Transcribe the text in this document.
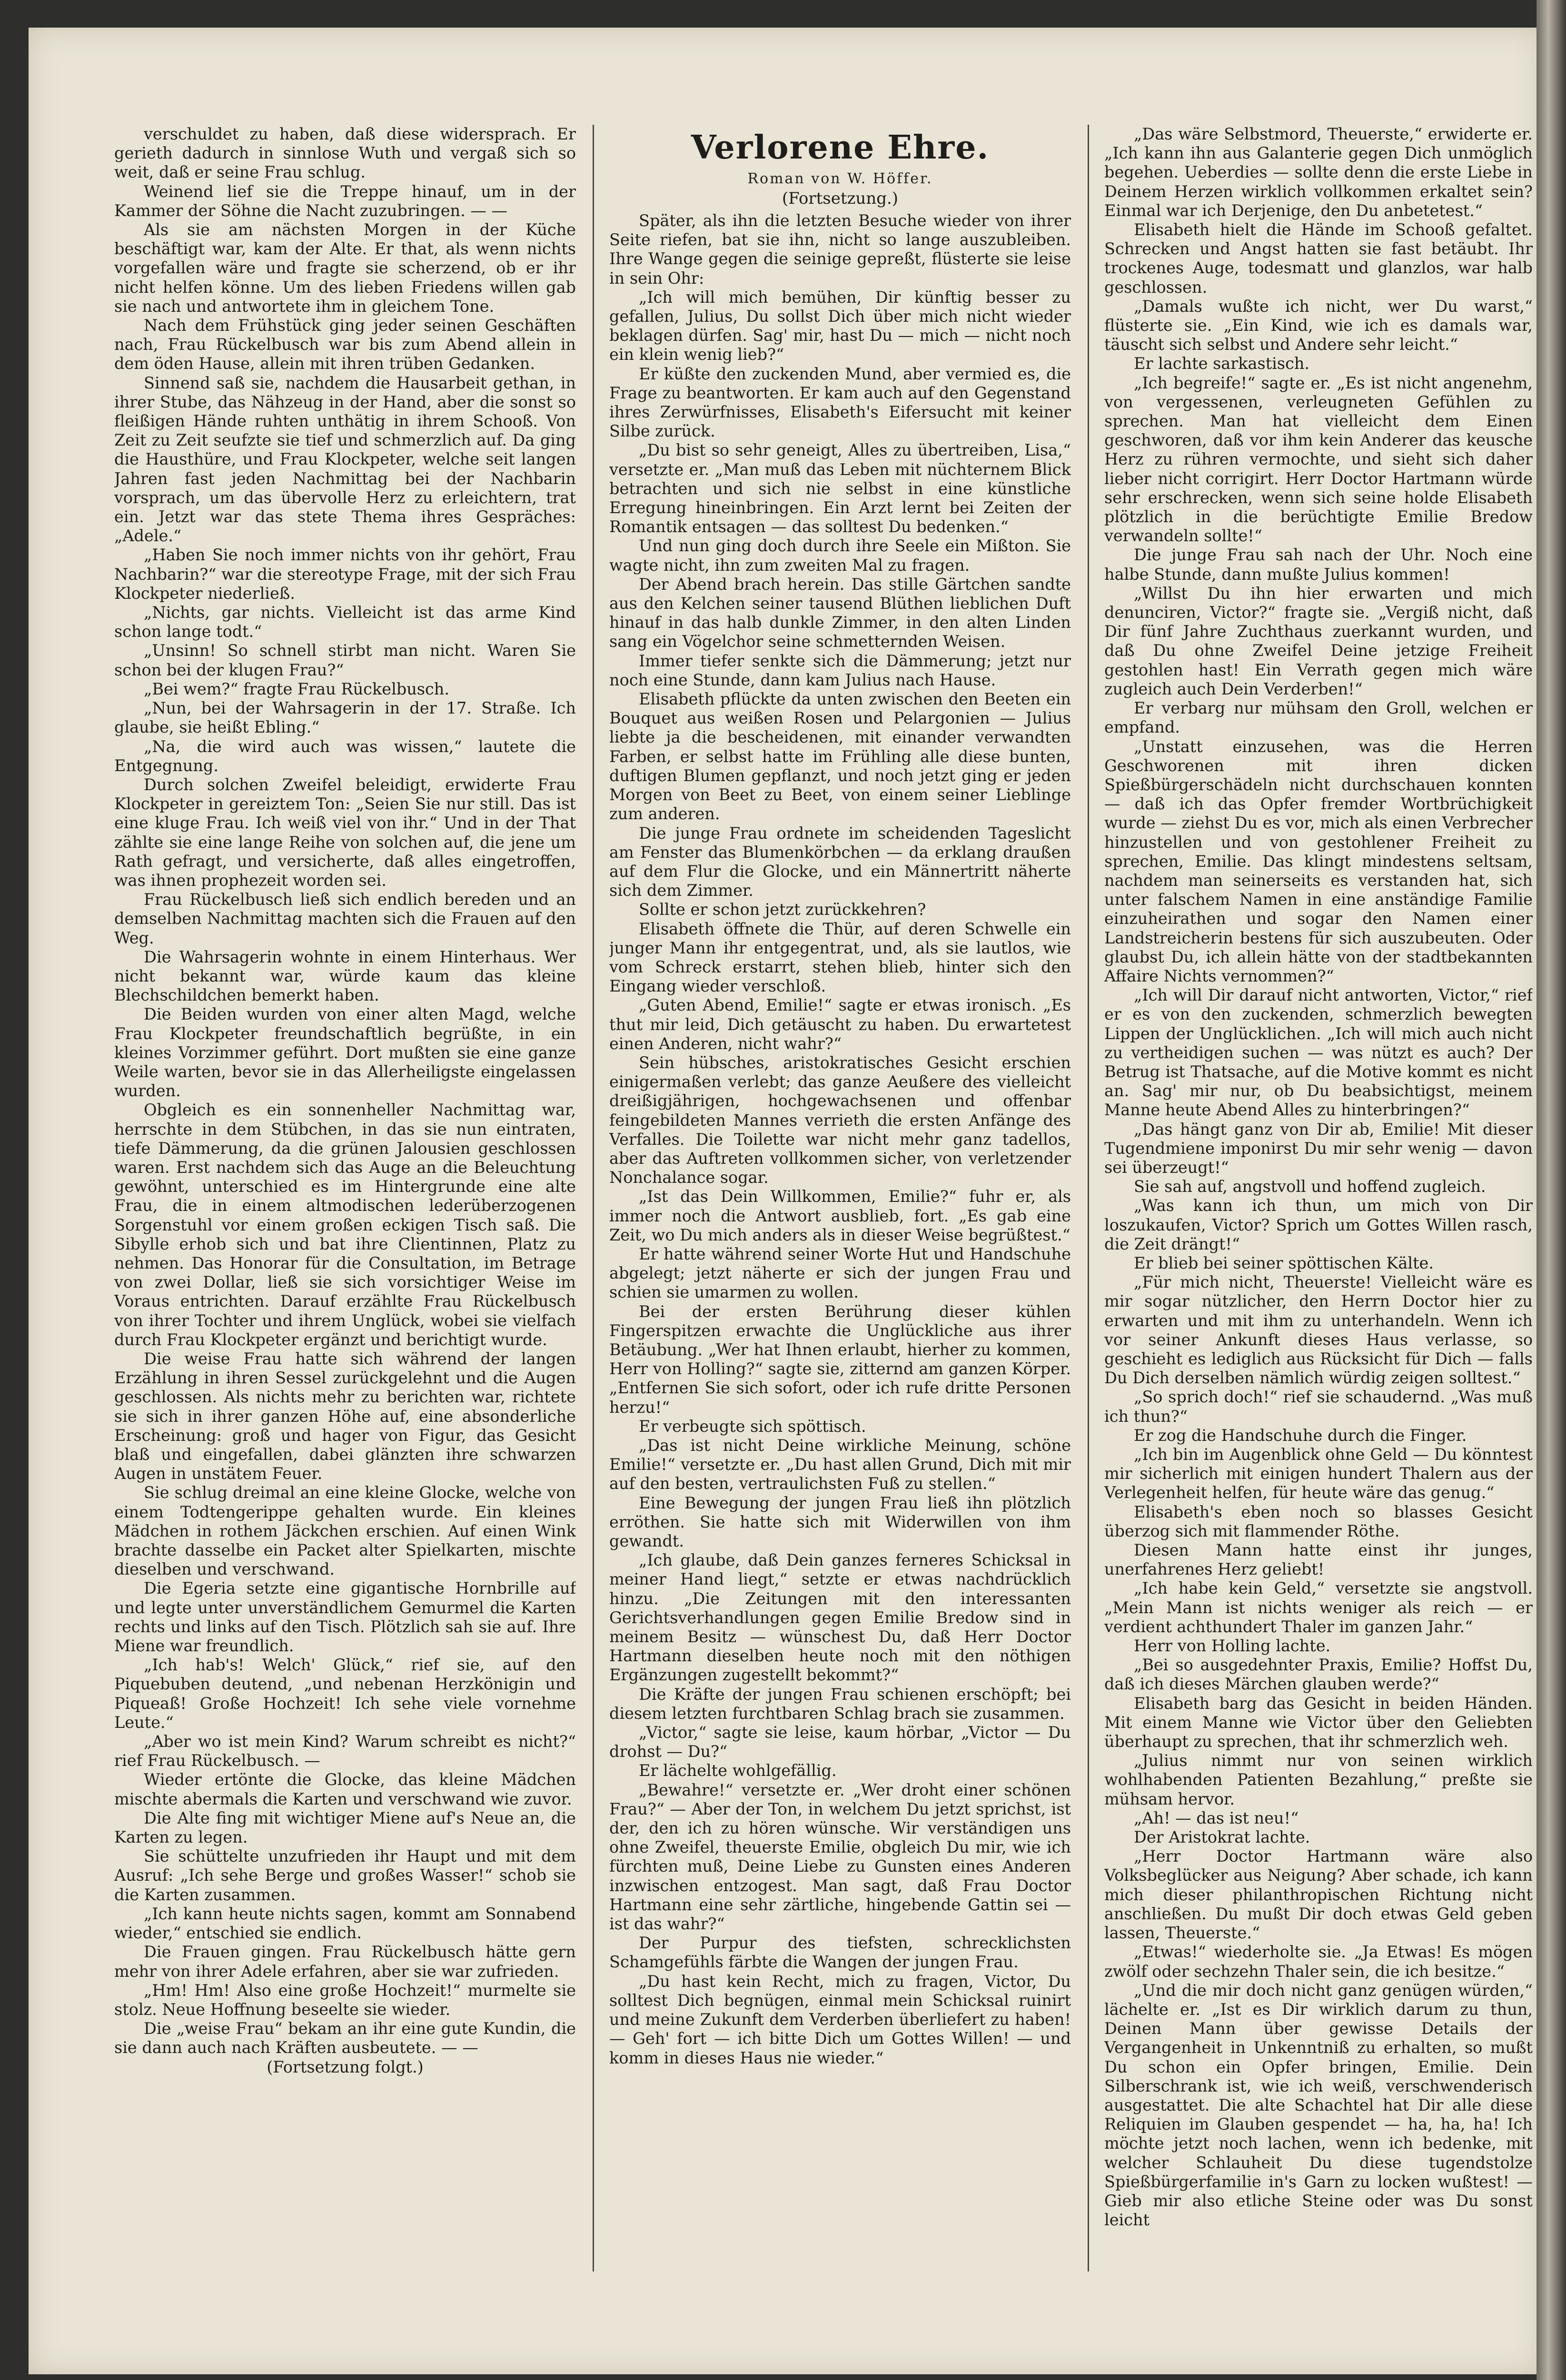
verschuldet zu haben, daß diese widersprach. Er gerieth dadurch in sinnlose Wuth und vergaß sich so weit, daß er seine Frau schlug.

Weinend lief sie die Treppe hinauf, um in der Kammer der Söhne die Nacht zuzubringen. — —

Als sie am nächsten Morgen in der Küche beschäftigt war, kam der Alte. Er that, als wenn nichts vorgefallen wäre und fragte sie scherzend, ob er ihr nicht helfen könne. Um des lieben Friedens willen gab sie nach und antwortete ihm in gleichem Tone.

Nach dem Frühstück ging jeder seinen Geschäften nach, Frau Rückelbusch war bis zum Abend allein in dem öden Hause, allein mit ihren trüben Gedanken.

Sinnend saß sie, nachdem die Hausarbeit gethan, in ihrer Stube, das Nähzeug in der Hand, aber die sonst so fleißigen Hände ruhten unthätig in ihrem Schooß. Von Zeit zu Zeit seufzte sie tief und schmerzlich auf. Da ging die Hausthüre, und Frau Klockpeter, welche seit langen Jahren fast jeden Nachmittag bei der Nachbarin vorsprach, um das übervolle Herz zu erleichtern, trat ein. Jetzt war das stete Thema ihres Gespräches: „Adele.“

„Haben Sie noch immer nichts von ihr gehört, Frau Nachbarin?“ war die stereotype Frage, mit der sich Frau Klockpeter niederließ.

„Nichts, gar nichts. Vielleicht ist das arme Kind schon lange todt.“

„Unsinn! So schnell stirbt man nicht. Waren Sie schon bei der klugen Frau?“

„Bei wem?“ fragte Frau Rückelbusch.

„Nun, bei der Wahrsagerin in der 17. Straße. Ich glaube, sie heißt Ebling.“

„Na, die wird auch was wissen,“ lautete die Entgegnung.

Durch solchen Zweifel beleidigt, erwiderte Frau Klockpeter in gereiztem Ton: „Seien Sie nur still. Das ist eine kluge Frau. Ich weiß viel von ihr.“ Und in der That zählte sie eine lange Reihe von solchen auf, die jene um Rath gefragt, und versicherte, daß alles eingetroffen, was ihnen prophezeit worden sei.

Frau Rückelbusch ließ sich endlich bereden und an demselben Nachmittag machten sich die Frauen auf den Weg.

Die Wahrsagerin wohnte in einem Hinterhaus. Wer nicht bekannt war, würde kaum das kleine Blechschildchen bemerkt haben.

Die Beiden wurden von einer alten Magd, welche Frau Klockpeter freundschaftlich begrüßte, in ein kleines Vorzimmer geführt. Dort mußten sie eine ganze Weile warten, bevor sie in das Allerheiligste eingelassen wurden.

Obgleich es ein sonnenheller Nachmittag war, herrschte in dem Stübchen, in das sie nun eintraten, tiefe Dämmerung, da die grünen Jalousien geschlossen waren. Erst nachdem sich das Auge an die Beleuchtung gewöhnt, unterschied es im Hintergrunde eine alte Frau, die in einem altmodischen lederüberzogenen Sorgenstuhl vor einem großen eckigen Tisch saß. Die Sibylle erhob sich und bat ihre Clientinnen, Platz zu nehmen. Das Honorar für die Consultation, im Betrage von zwei Dollar, ließ sie sich vorsichtiger Weise im Voraus entrichten. Darauf erzählte Frau Rückelbusch von ihrer Tochter und ihrem Unglück, wobei sie vielfach durch Frau Klockpeter ergänzt und berichtigt wurde.

Die weise Frau hatte sich während der langen Erzählung in ihren Sessel zurückgelehnt und die Augen geschlossen. Als nichts mehr zu berichten war, richtete sie sich in ihrer ganzen Höhe auf, eine absonderliche Erscheinung: groß und hager von Figur, das Gesicht blaß und eingefallen, dabei glänzten ihre schwarzen Augen in unstätem Feuer.

Sie schlug dreimal an eine kleine Glocke, welche von einem Todtengerippe gehalten wurde. Ein kleines Mädchen in rothem Jäckchen erschien. Auf einen Wink brachte dasselbe ein Packet alter Spielkarten, mischte dieselben und verschwand.

Die Egeria setzte eine gigantische Hornbrille auf und legte unter unverständlichem Gemurmel die Karten rechts und links auf den Tisch. Plötzlich sah sie auf. Ihre Miene war freundlich.

„Ich hab's! Welch' Glück,“ rief sie, auf den Piquebuben deutend, „und nebenan Herzkönigin und Piqueaß! Große Hochzeit! Ich sehe viele vornehme Leute.“

„Aber wo ist mein Kind? Warum schreibt es nicht?“ rief Frau Rückelbusch. —

Wieder ertönte die Glocke, das kleine Mädchen mischte abermals die Karten und verschwand wie zuvor.

Die Alte fing mit wichtiger Miene auf's Neue an, die Karten zu legen.

Sie schüttelte unzufrieden ihr Haupt und mit dem Ausruf: „Ich sehe Berge und großes Wasser!“ schob sie die Karten zusammen.

„Ich kann heute nichts sagen, kommt am Sonnabend wieder,“ entschied sie endlich.

Die Frauen gingen. Frau Rückelbusch hätte gern mehr von ihrer Adele erfahren, aber sie war zufrieden.

„Hm! Hm! Also eine große Hochzeit!“ murmelte sie stolz. Neue Hoffnung beseelte sie wieder.

Die „weise Frau“ bekam an ihr eine gute Kundin, die sie dann auch nach Kräften ausbeutete. — —

(Fortsetzung folgt.)

Verlorene Ehre.
Roman von W. Höffer.
(Fortsetzung.)

Später, als ihn die letzten Besuche wieder von ihrer Seite riefen, bat sie ihn, nicht so lange auszubleiben. Ihre Wange gegen die seinige gepreßt, flüsterte sie leise in sein Ohr:

„Ich will mich bemühen, Dir künftig besser zu gefallen, Julius, Du sollst Dich über mich nicht wieder beklagen dürfen. Sag' mir, hast Du — mich — nicht noch ein klein wenig lieb?“

Er küßte den zuckenden Mund, aber vermied es, die Frage zu beantworten. Er kam auch auf den Gegenstand ihres Zerwürfnisses, Elisabeth's Eifersucht mit keiner Silbe zurück.

„Du bist so sehr geneigt, Alles zu übertreiben, Lisa,“ versetzte er. „Man muß das Leben mit nüchternem Blick betrachten und sich nie selbst in eine künstliche Erregung hineinbringen. Ein Arzt lernt bei Zeiten der Romantik entsagen — das solltest Du bedenken.“

Und nun ging doch durch ihre Seele ein Mißton. Sie wagte nicht, ihn zum zweiten Mal zu fragen.

Der Abend brach herein. Das stille Gärtchen sandte aus den Kelchen seiner tausend Blüthen lieblichen Duft hinauf in das halb dunkle Zimmer, in den alten Linden sang ein Vögelchor seine schmetternden Weisen.

Immer tiefer senkte sich die Dämmerung; jetzt nur noch eine Stunde, dann kam Julius nach Hause.

Elisabeth pflückte da unten zwischen den Beeten ein Bouquet aus weißen Rosen und Pelargonien — Julius liebte ja die bescheidenen, mit einander verwandten Farben, er selbst hatte im Frühling alle diese bunten, duftigen Blumen gepflanzt, und noch jetzt ging er jeden Morgen von Beet zu Beet, von einem seiner Lieblinge zum anderen.

Die junge Frau ordnete im scheidenden Tageslicht am Fenster das Blumenkörbchen — da erklang draußen auf dem Flur die Glocke, und ein Männertritt näherte sich dem Zimmer.

Sollte er schon jetzt zurückkehren?

Elisabeth öffnete die Thür, auf deren Schwelle ein junger Mann ihr entgegentrat, und, als sie lautlos, wie vom Schreck erstarrt, stehen blieb, hinter sich den Eingang wieder verschloß.

„Guten Abend, Emilie!“ sagte er etwas ironisch. „Es thut mir leid, Dich getäuscht zu haben. Du erwartetest einen Anderen, nicht wahr?“

Sein hübsches, aristokratisches Gesicht erschien einigermaßen verlebt; das ganze Aeußere des vielleicht dreißigjährigen, hochgewachsenen und offenbar feingebildeten Mannes verrieth die ersten Anfänge des Verfalles. Die Toilette war nicht mehr ganz tadellos, aber das Auftreten vollkommen sicher, von verletzender Nonchalance sogar.

„Ist das Dein Willkommen, Emilie?“ fuhr er, als immer noch die Antwort ausblieb, fort. „Es gab eine Zeit, wo Du mich anders als in dieser Weise begrüßtest.“

Er hatte während seiner Worte Hut und Handschuhe abgelegt; jetzt näherte er sich der jungen Frau und schien sie umarmen zu wollen.

Bei der ersten Berührung dieser kühlen Fingerspitzen erwachte die Unglückliche aus ihrer Betäubung. „Wer hat Ihnen erlaubt, hierher zu kommen, Herr von Holling?“ sagte sie, zitternd am ganzen Körper. „Entfernen Sie sich sofort, oder ich rufe dritte Personen herzu!“

Er verbeugte sich spöttisch.

„Das ist nicht Deine wirkliche Meinung, schöne Emilie!“ versetzte er. „Du hast allen Grund, Dich mit mir auf den besten, vertraulichsten Fuß zu stellen.“

Eine Bewegung der jungen Frau ließ ihn plötzlich erröthen. Sie hatte sich mit Widerwillen von ihm gewandt.

„Ich glaube, daß Dein ganzes ferneres Schicksal in meiner Hand liegt,“ setzte er etwas nachdrücklich hinzu. „Die Zeitungen mit den interessanten Gerichtsverhandlungen gegen Emilie Bredow sind in meinem Besitz — wünschest Du, daß Herr Doctor Hartmann dieselben heute noch mit den nöthigen Ergänzungen zugestellt bekommt?“

Die Kräfte der jungen Frau schienen erschöpft; bei diesem letzten furchtbaren Schlag brach sie zusammen.

„Victor,“ sagte sie leise, kaum hörbar, „Victor — Du drohst — Du?“

Er lächelte wohlgefällig.

„Bewahre!“ versetzte er. „Wer droht einer schönen Frau?“ — Aber der Ton, in welchem Du jetzt sprichst, ist der, den ich zu hören wünsche. Wir verständigen uns ohne Zweifel, theuerste Emilie, obgleich Du mir, wie ich fürchten muß, Deine Liebe zu Gunsten eines Anderen inzwischen entzogest. Man sagt, daß Frau Doctor Hartmann eine sehr zärtliche, hingebende Gattin sei — ist das wahr?“

Der Purpur des tiefsten, schrecklichsten Schamgefühls färbte die Wangen der jungen Frau.

„Du hast kein Recht, mich zu fragen, Victor, Du solltest Dich begnügen, einmal mein Schicksal ruinirt und meine Zukunft dem Verderben überliefert zu haben! — Geh' fort — ich bitte Dich um Gottes Willen! — und komm in dieses Haus nie wieder.“

„Das wäre Selbstmord, Theuerste,“ erwiderte er. „Ich kann ihn aus Galanterie gegen Dich unmöglich begehen. Ueberdies — sollte denn die erste Liebe in Deinem Herzen wirklich vollkommen erkaltet sein? Einmal war ich Derjenige, den Du anbetetest.“

Elisabeth hielt die Hände im Schooß gefaltet. Schrecken und Angst hatten sie fast betäubt. Ihr trockenes Auge, todesmatt und glanzlos, war halb geschlossen.

„Damals wußte ich nicht, wer Du warst,“ flüsterte sie. „Ein Kind, wie ich es damals war, täuscht sich selbst und Andere sehr leicht.“

Er lachte sarkastisch.

„Ich begreife!“ sagte er. „Es ist nicht angenehm, von vergessenen, verleugneten Gefühlen zu sprechen. Man hat vielleicht dem Einen geschworen, daß vor ihm kein Anderer das keusche Herz zu rühren vermochte, und sieht sich daher lieber nicht corrigirt. Herr Doctor Hartmann würde sehr erschrecken, wenn sich seine holde Elisabeth plötzlich in die berüchtigte Emilie Bredow verwandeln sollte!“

Die junge Frau sah nach der Uhr. Noch eine halbe Stunde, dann mußte Julius kommen!

„Willst Du ihn hier erwarten und mich denunciren, Victor?“ fragte sie. „Vergiß nicht, daß Dir fünf Jahre Zuchthaus zuerkannt wurden, und daß Du ohne Zweifel Deine jetzige Freiheit gestohlen hast! Ein Verrath gegen mich wäre zugleich auch Dein Verderben!“

Er verbarg nur mühsam den Groll, welchen er empfand.

„Unstatt einzusehen, was die Herren Geschworenen mit ihren dicken Spießbürgerschädeln nicht durchschauen konnten — daß ich das Opfer fremder Wortbrüchigkeit wurde — ziehst Du es vor, mich als einen Verbrecher hinzustellen und von gestohlener Freiheit zu sprechen, Emilie. Das klingt mindestens seltsam, nachdem man seinerseits es verstanden hat, sich unter falschem Namen in eine anständige Familie einzuheirathen und sogar den Namen einer Landstreicherin bestens für sich auszubeuten. Oder glaubst Du, ich allein hätte von der stadtbekannten Affaire Nichts vernommen?“

„Ich will Dir darauf nicht antworten, Victor,“ rief er es von den zuckenden, schmerzlich bewegten Lippen der Unglücklichen. „Ich will mich auch nicht zu vertheidigen suchen — was nützt es auch? Der Betrug ist Thatsache, auf die Motive kommt es nicht an. Sag' mir nur, ob Du beabsichtigst, meinem Manne heute Abend Alles zu hinterbringen?“

„Das hängt ganz von Dir ab, Emilie! Mit dieser Tugendmiene imponirst Du mir sehr wenig — davon sei überzeugt!“

Sie sah auf, angstvoll und hoffend zugleich.

„Was kann ich thun, um mich von Dir loszukaufen, Victor? Sprich um Gottes Willen rasch, die Zeit drängt!“

Er blieb bei seiner spöttischen Kälte.

„Für mich nicht, Theuerste! Vielleicht wäre es mir sogar nützlicher, den Herrn Doctor hier zu erwarten und mit ihm zu unterhandeln. Wenn ich vor seiner Ankunft dieses Haus verlasse, so geschieht es lediglich aus Rücksicht für Dich — falls Du Dich derselben nämlich würdig zeigen solltest.“

„So sprich doch!“ rief sie schaudernd. „Was muß ich thun?“

Er zog die Handschuhe durch die Finger.

„Ich bin im Augenblick ohne Geld — Du könntest mir sicherlich mit einigen hundert Thalern aus der Verlegenheit helfen, für heute wäre das genug.“

Elisabeth's eben noch so blasses Gesicht überzog sich mit flammender Röthe.

Diesen Mann hatte einst ihr junges, unerfahrenes Herz geliebt!

„Ich habe kein Geld,“ versetzte sie angstvoll. „Mein Mann ist nichts weniger als reich — er verdient achthundert Thaler im ganzen Jahr.“

Herr von Holling lachte.

„Bei so ausgedehnter Praxis, Emilie? Hoffst Du, daß ich dieses Märchen glauben werde?“

Elisabeth barg das Gesicht in beiden Händen. Mit einem Manne wie Victor über den Geliebten überhaupt zu sprechen, that ihr schmerzlich weh.

„Julius nimmt nur von seinen wirklich wohlhabenden Patienten Bezahlung,“ preßte sie mühsam hervor.

„Ah! — das ist neu!“

Der Aristokrat lachte.

„Herr Doctor Hartmann wäre also Volksbeglücker aus Neigung? Aber schade, ich kann mich dieser philanthropischen Richtung nicht anschließen. Du mußt Dir doch etwas Geld geben lassen, Theuerste.“

„Etwas!“ wiederholte sie. „Ja Etwas! Es mögen zwölf oder sechzehn Thaler sein, die ich besitze.“

„Und die mir doch nicht ganz genügen würden,“ lächelte er. „Ist es Dir wirklich darum zu thun, Deinen Mann über gewisse Details der Vergangenheit in Unkenntniß zu erhalten, so mußt Du schon ein Opfer bringen, Emilie. Dein Silberschrank ist, wie ich weiß, verschwenderisch ausgestattet. Die alte Schachtel hat Dir alle diese Reliquien im Glauben gespendet — ha, ha, ha! Ich möchte jetzt noch lachen, wenn ich bedenke, mit welcher Schlauheit Du diese tugendstolze Spießbürgerfamilie in's Garn zu locken wußtest! — Gieb mir also etliche Steine oder was Du sonst leicht
